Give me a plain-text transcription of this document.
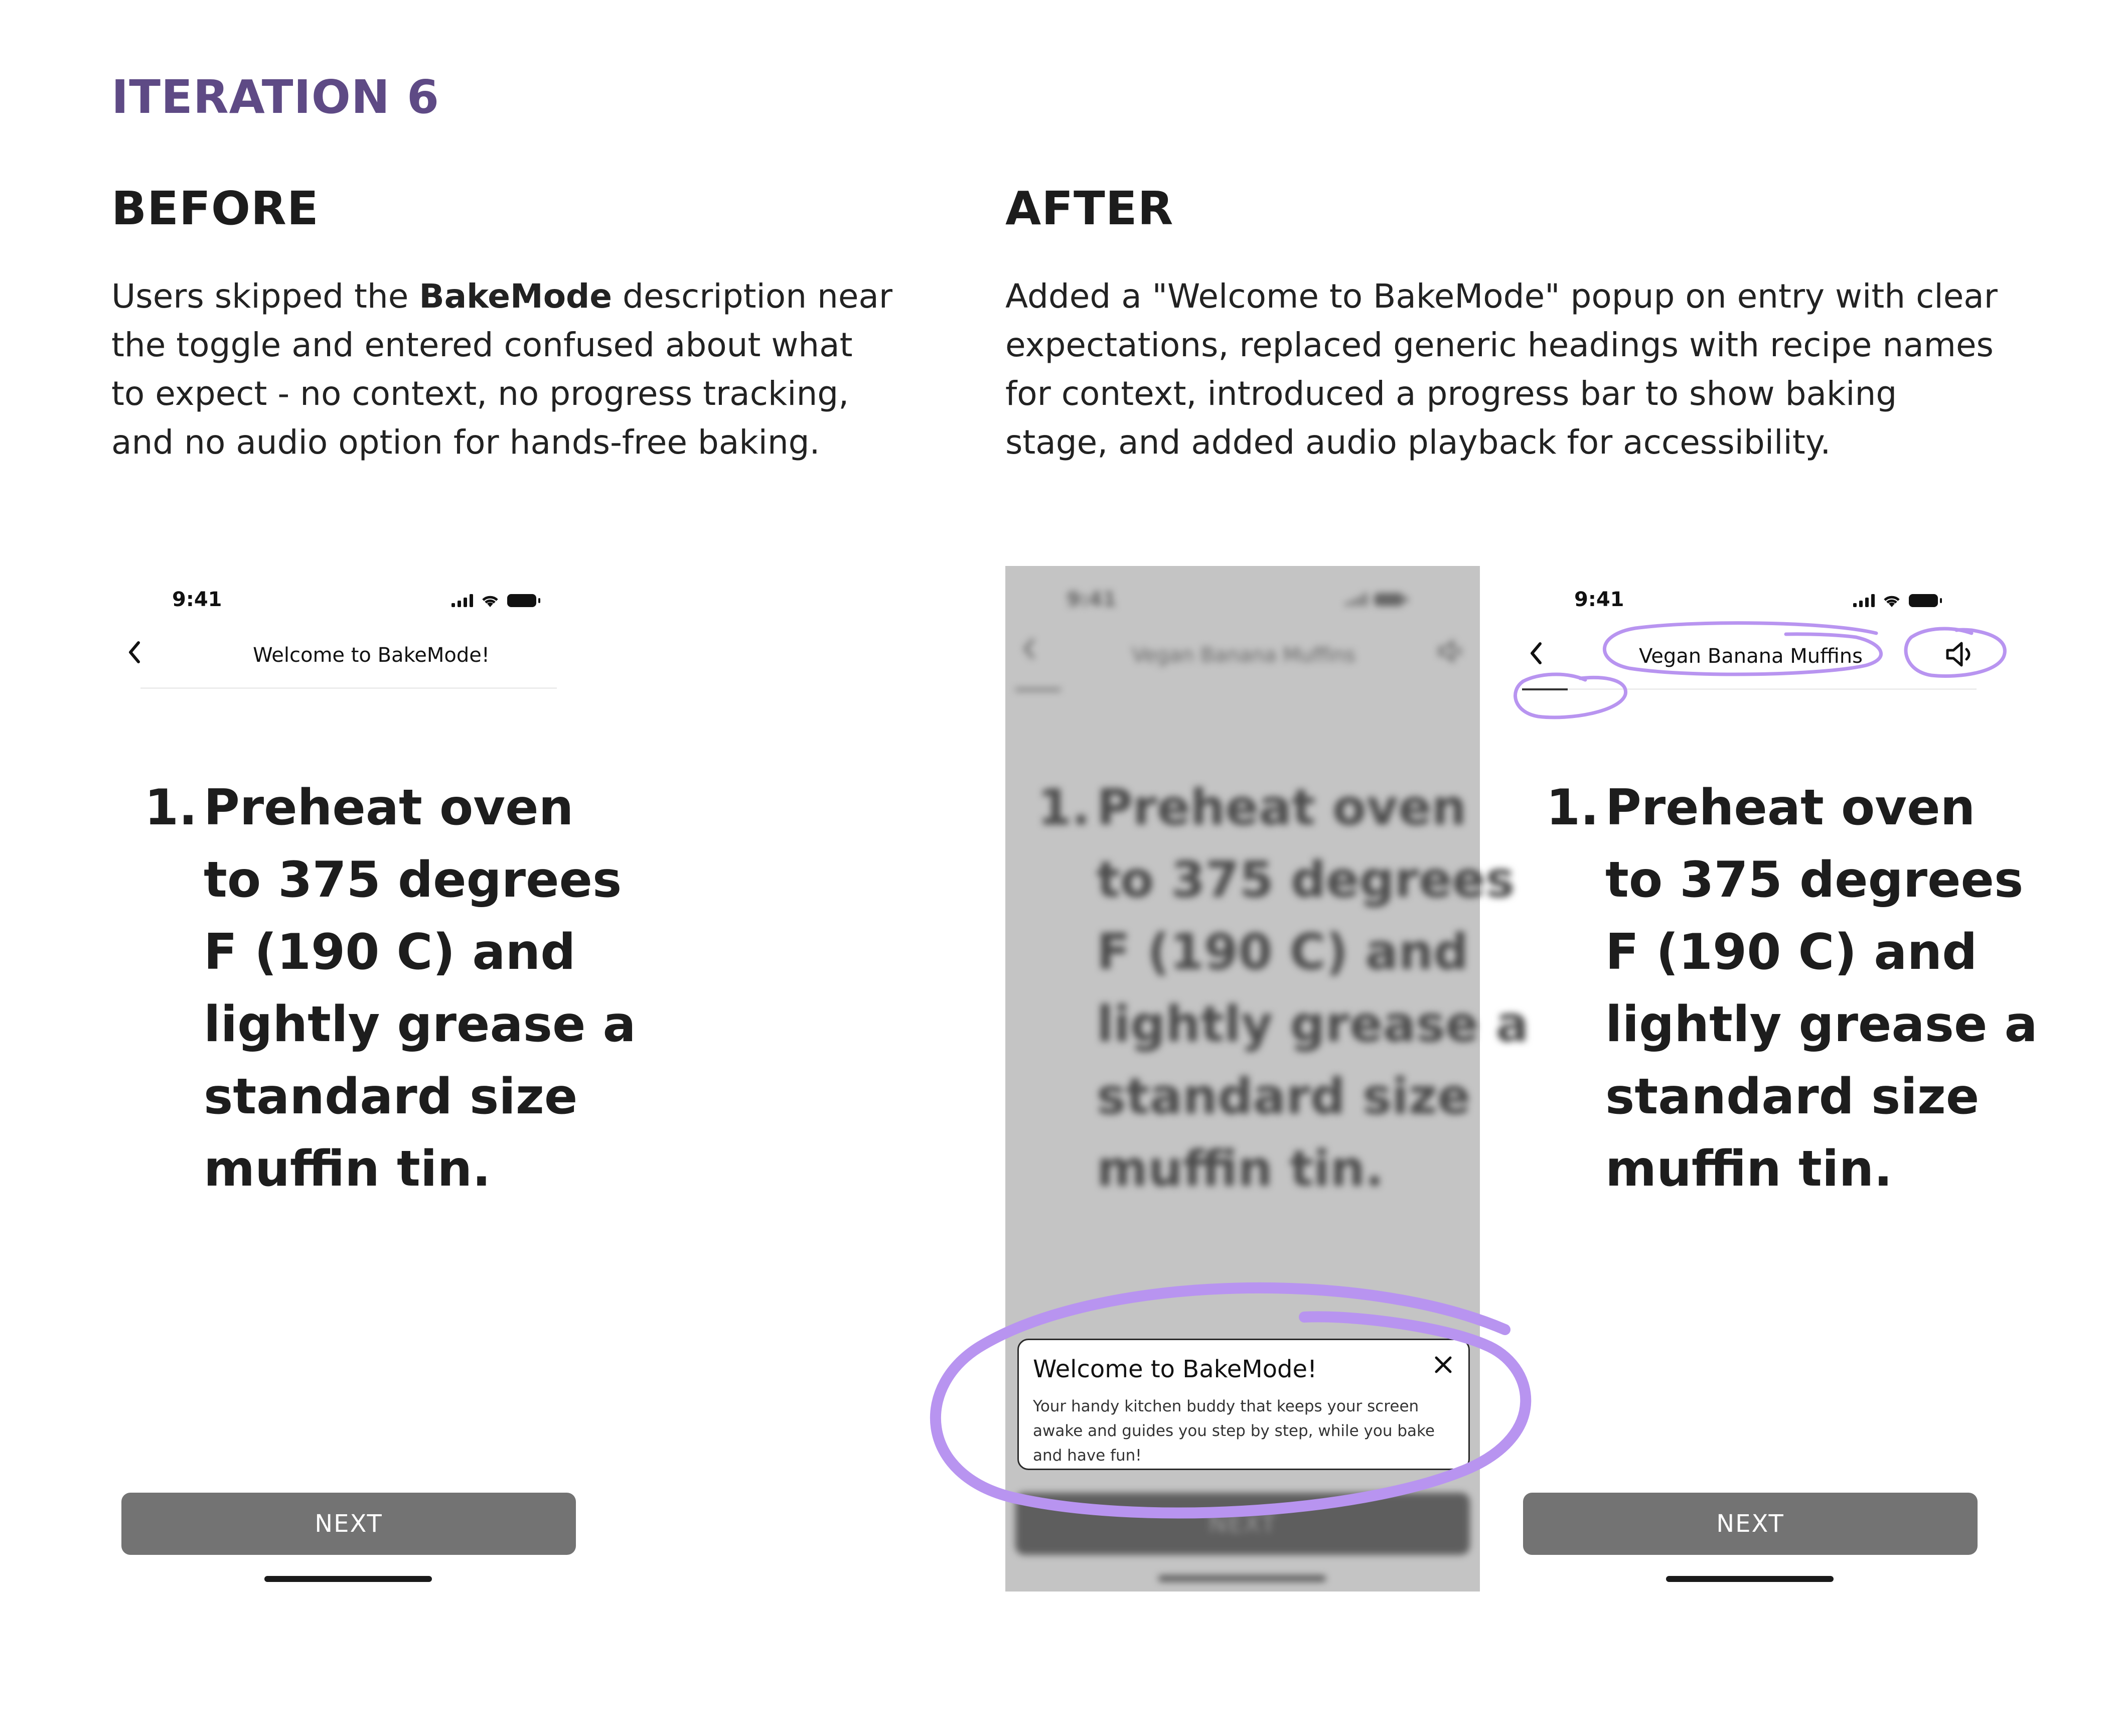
ITERATION 6
BEFORE
Users skipped the BakeMode description near
the toggle and entered confused about what
to expect - no context, no progress tracking,
and no audio option for hands-free baking.
AFTER
Added a "Welcome to BakeMode" popup on entry with clear
expectations, replaced generic headings with recipe names
for context, introduced a progress bar to show baking
stage, and added audio playback for accessibility.
9:41
Welcome to BakeMode!
1. Preheat oven
to 375 degrees
F (190 C) and
lightly grease a
standard size
muffin tin.
NEXT
9:41
Vegan Banana Muffins
1. Preheat oven
to 375 degrees
F (190 C) and
lightly grease a
standard size
muffin tin.
NEXT
Welcome to BakeMode!
Your handy kitchen buddy that keeps your screen awake and guides you step by step, while you bake and have fun!
9:41
Vegan Banana Muffins
1. Preheat oven
to 375 degrees
F (190 C) and
lightly grease a
standard size
muffin tin.
NEXT
